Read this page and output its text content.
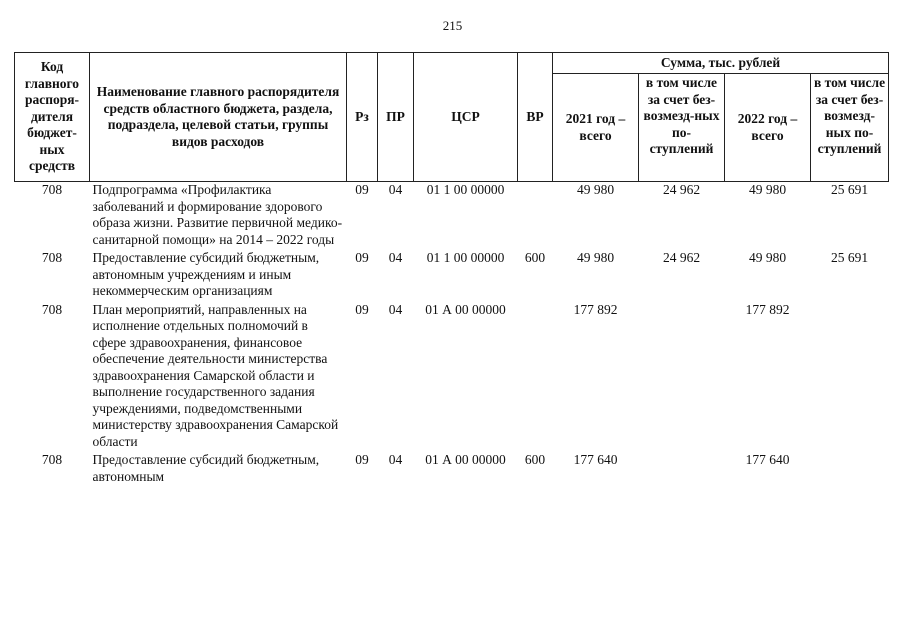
215
Код главного распоря-дителя бюджет-ных средств	Наименование главного распорядителя средств областного бюджета, раздела, подраздела, целевой статьи, группы видов расходов	Рз	ПР	ЦСР	ВР	Сумма, тыс. рублей			
						2021 год – всего	в том числе за счет без-возмезд-ных по-ступлений	2022 год – всего	в том числе за счет без-возмезд-ных по-ступлений
708	Подпрограмма «Профилактика заболеваний и формирование здорового образа жизни. Развитие первичной медико-санитарной помощи» на 2014 – 2022 годы	09	04	01 1 00 00000		49 980	24 962	49 980	25 691
708	Предоставление субсидий бюджетным, автономным учреждениям и иным некоммерческим организациям	09	04	01 1 00 00000	600	49 980	24 962	49 980	25 691
708	План мероприятий, направленных на исполнение отдельных полномочий в сфере здравоохранения, финансовое обеспечение деятельности министерства здравоохранения Самарской области и выполнение государственного задания учреждениями, подведомственными министерству здравоохранения Самарской области	09	04	01 А 00 00000		177 892		177 892	
708	Предоставление субсидий бюджетным, автономным	09	04	01 А 00 00000	600	177 640		177 640	
